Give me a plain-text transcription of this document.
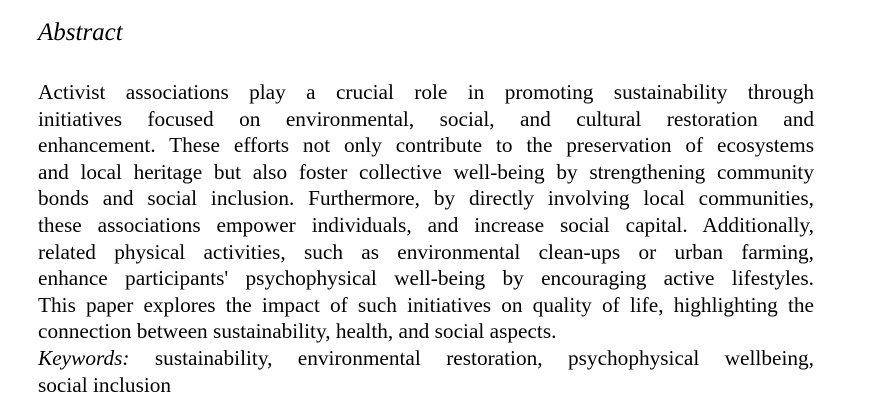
Abstract
Activist associations play a crucial role in promoting sustainability through
initiatives focused on environmental, social, and cultural restoration and
enhancement. These efforts not only contribute to the preservation of ecosystems
and local heritage but also foster collective well-being by strengthening community
bonds and social inclusion. Furthermore, by directly involving local communities,
these associations empower individuals, and increase social capital. Additionally,
related physical activities, such as environmental clean-ups or urban farming,
enhance participants' psychophysical well-being by encouraging active lifestyles.
This paper explores the impact of such initiatives on quality of life, highlighting the
connection between sustainability, health, and social aspects.
Keywords: sustainability, environmental restoration, psychophysical wellbeing,
social inclusion
